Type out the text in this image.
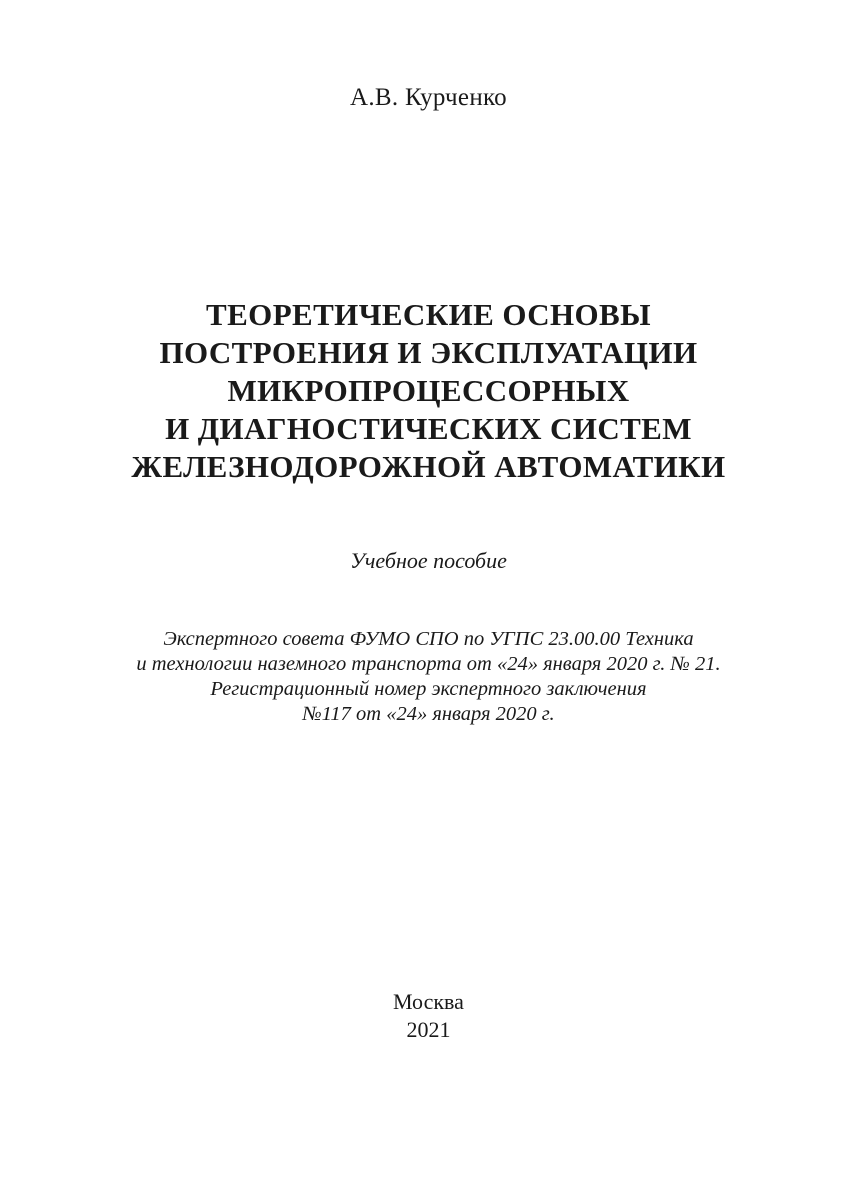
А.В. Курченко
ТЕОРЕТИЧЕСКИЕ ОСНОВЫ
ПОСТРОЕНИЯ И ЭКСПЛУАТАЦИИ
МИКРОПРОЦЕССОРНЫХ
И ДИАГНОСТИЧЕСКИХ СИСТЕМ
ЖЕЛЕЗНОДОРОЖНОЙ АВТОМАТИКИ
Учебное пособие
Экспертного совета ФУМО СПО по УГПС 23.00.00 Техника
и технологии наземного транспорта от «24» января 2020 г. № 21.
Регистрационный номер экспертного заключения
№117 от «24» января 2020 г.
Москва
2021
